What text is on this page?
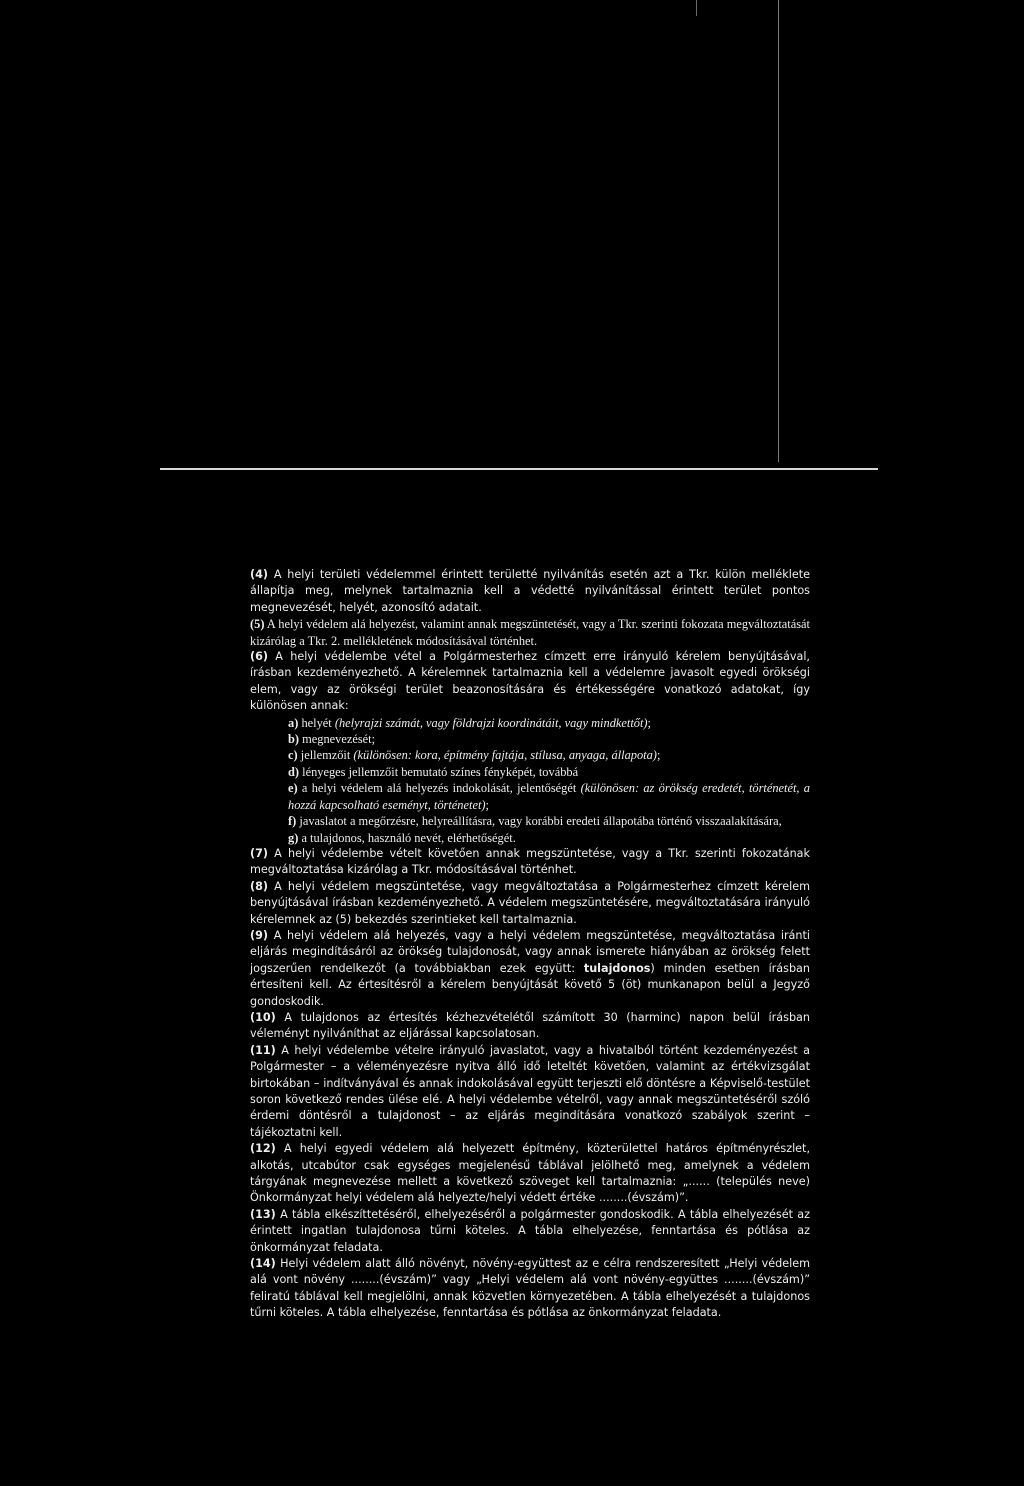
(4) A helyi területi védelemmel érintett területté nyilvánítás esetén azt a Tkr. külön melléklete állapítja meg, melynek tartalmaznia kell a védetté nyilvánítással érintett terület pontos megnevezését, helyét, azonosító adatait.

(5) A helyi védelem alá helyezést, valamint annak megszüntetését, vagy a Tkr. szerinti fokozata megváltoztatását kizárólag a Tkr. 2. mellékletének módosításával történhet.

(6) A helyi védelembe vétel a Polgármesterhez címzett erre irányuló kérelem benyújtásával, írásban kezdeményezhető. A kérelemnek tartalmaznia kell a védelemre javasolt egyedi örökségi elem, vagy az örökségi terület beazonosítására és értékességére vonatkozó adatokat, így különösen annak:

a) helyét (helyrajzi számát, vagy földrajzi koordinátáit, vagy mindkettőt);

b) megnevezését;

c) jellemzőit (különösen: kora, építmény fajtája, stílusa, anyaga, állapota);

d) lényeges jellemzőit bemutató színes fényképét, továbbá

e) a helyi védelem alá helyezés indokolását, jelentőségét (különösen: az örökség eredetét, történetét, a hozzá kapcsolható eseményt, történetet);

f) javaslatot a megőrzésre, helyreállításra, vagy korábbi eredeti állapotába történő visszaalakítására,

g) a tulajdonos, használó nevét, elérhetőségét.

(7) A helyi védelembe vételt követően annak megszüntetése, vagy a Tkr. szerinti fokozatának megváltoztatása kizárólag a Tkr. módosításával történhet.

(8) A helyi védelem megszüntetése, vagy megváltoztatása a Polgármesterhez címzett kérelem benyújtásával írásban kezdeményezhető. A védelem megszüntetésére, megváltoztatására irányuló kérelemnek az (5) bekezdés szerintieket kell tartalmaznia.

(9) A helyi védelem alá helyezés, vagy a helyi védelem megszüntetése, megváltoztatása iránti eljárás megindításáról az örökség tulajdonosát, vagy annak ismerete hiányában az örökség felett jogszerűen rendelkezőt (a továbbiakban ezek együtt: tulajdonos) minden esetben írásban értesíteni kell. Az értesítésről a kérelem benyújtását követő 5 (öt) munkanapon belül a Jegyző gondoskodik.

(10) A tulajdonos az értesítés kézhezvételétől számított 30 (harminc) napon belül írásban véleményt nyilváníthat az eljárással kapcsolatosan.

(11) A helyi védelembe vételre irányuló javaslatot, vagy a hivatalból történt kezdeményezést a Polgármester – a véleményezésre nyitva álló idő leteltét követően, valamint az értékvizsgálat birtokában – indítványával és annak indokolásával együtt terjeszti elő döntésre a Képviselő-testület soron következő rendes ülése elé. A helyi védelembe vételről, vagy annak megszüntetéséről szóló érdemi döntésről a tulajdonost – az eljárás megindítására vonatkozó szabályok szerint – tájékoztatni kell.

(12) A helyi egyedi védelem alá helyezett építmény, közterülettel határos építményrészlet, alkotás, utcabútor csak egységes megjelenésű táblával jelölhető meg, amelynek a védelem tárgyának megnevezése mellett a következő szöveget kell tartalmaznia: „...... (település neve) Önkormányzat helyi védelem alá helyezte/helyi védett értéke ........(évszám)”.

(13) A tábla elkészíttetéséről, elhelyezéséről a polgármester gondoskodik. A tábla elhelyezését az érintett ingatlan tulajdonosa tűrni köteles. A tábla elhelyezése, fenntartása és pótlása az önkormányzat feladata.

(14) Helyi védelem alatt álló növényt, növény-együttest az e célra rendszeresített „Helyi védelem alá vont növény ........(évszám)” vagy „Helyi védelem alá vont növény-együttes ........(évszám)” feliratú táblával kell megjelölni, annak közvetlen környezetében. A tábla elhelyezését a tulajdonos tűrni köteles. A tábla elhelyezése, fenntartása és pótlása az önkormányzat feladata.
